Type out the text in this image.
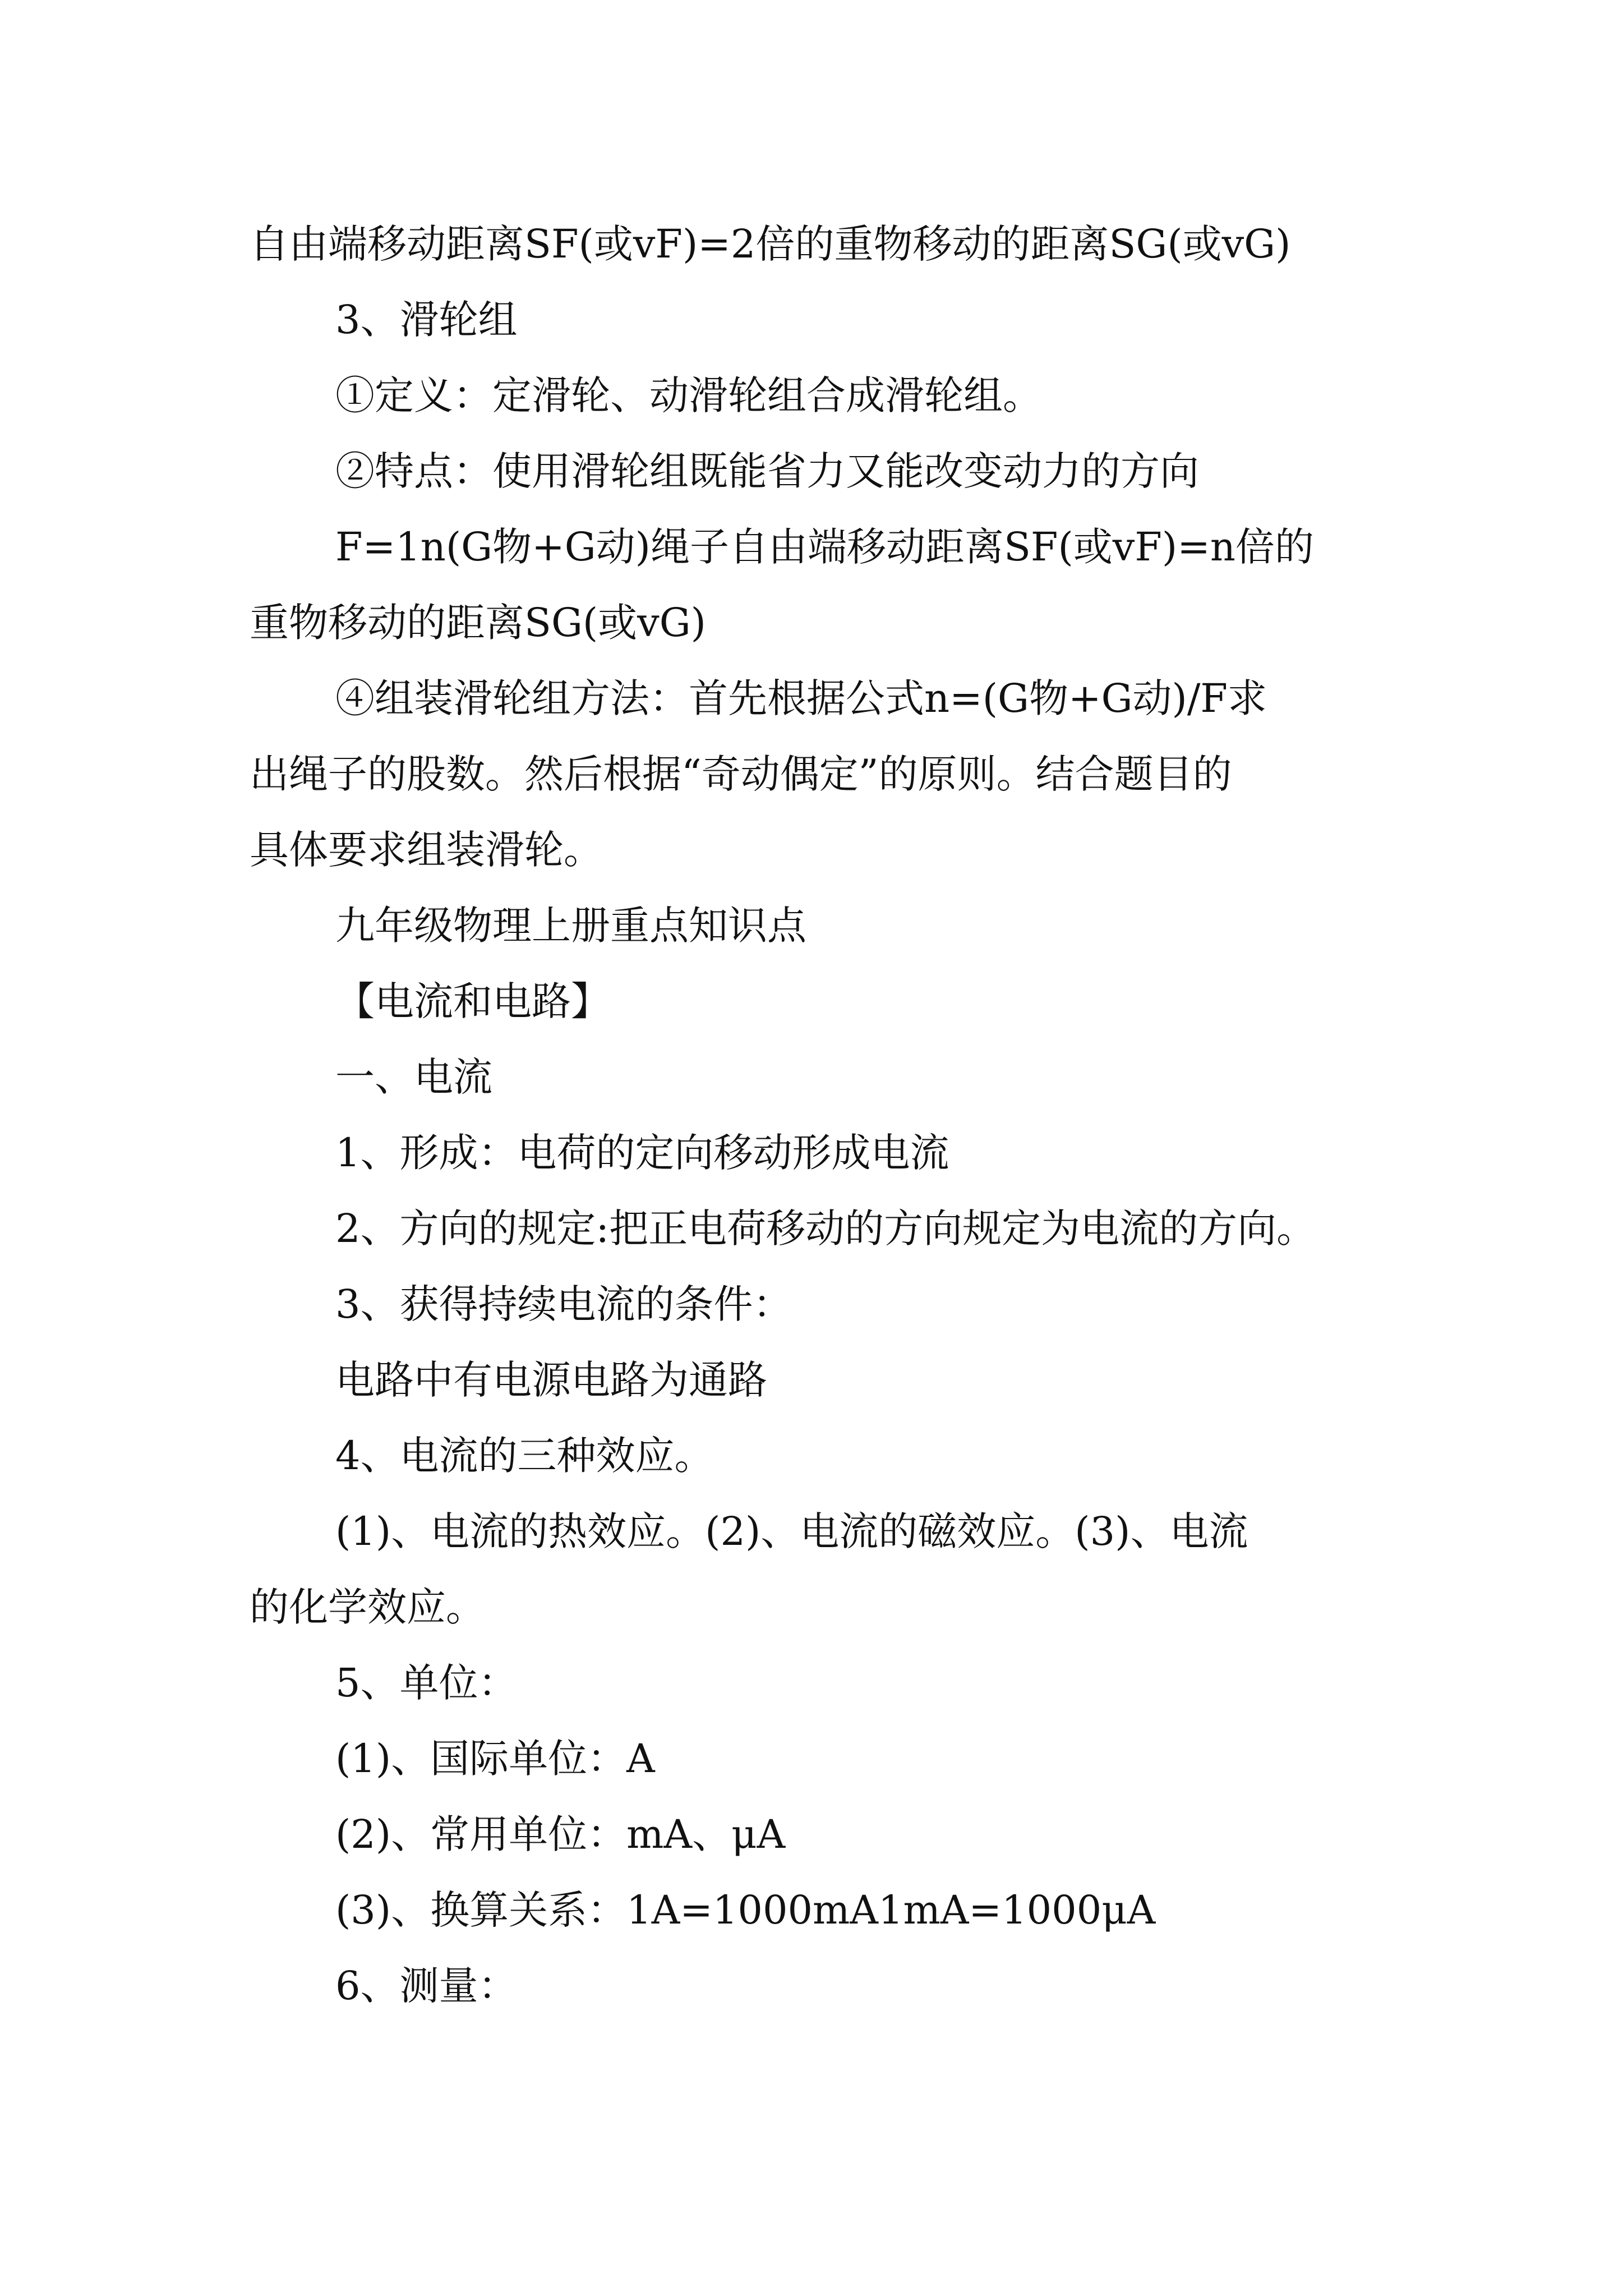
自由端移动距离SF(或vF)=2倍的重物移动的距离SG(或vG)

3、滑轮组

①定义：定滑轮、动滑轮组合成滑轮组。

②特点：使用滑轮组既能省力又能改变动力的方向

F=1n(G物+G动)绳子自由端移动距离SF(或vF)=n倍的

重物移动的距离SG(或vG)

④组装滑轮组方法：首先根据公式n=(G物+G动)/F求

出绳子的股数。然后根据“奇动偶定”的原则。结合题目的

具体要求组装滑轮。

九年级物理上册重点知识点

【电流和电路】

一、电流

1、形成：电荷的定向移动形成电流

2、方向的规定:把正电荷移动的方向规定为电流的方向。

3、获得持续电流的条件：

电路中有电源电路为通路

4、电流的三种效应。

(1)、电流的热效应。(2)、电流的磁效应。(3)、电流

的化学效应。

5、单位：

(1)、国际单位：A

(2)、常用单位：mA、μA

(3)、换算关系：1A=1000mA1mA=1000μA

6、测量：
